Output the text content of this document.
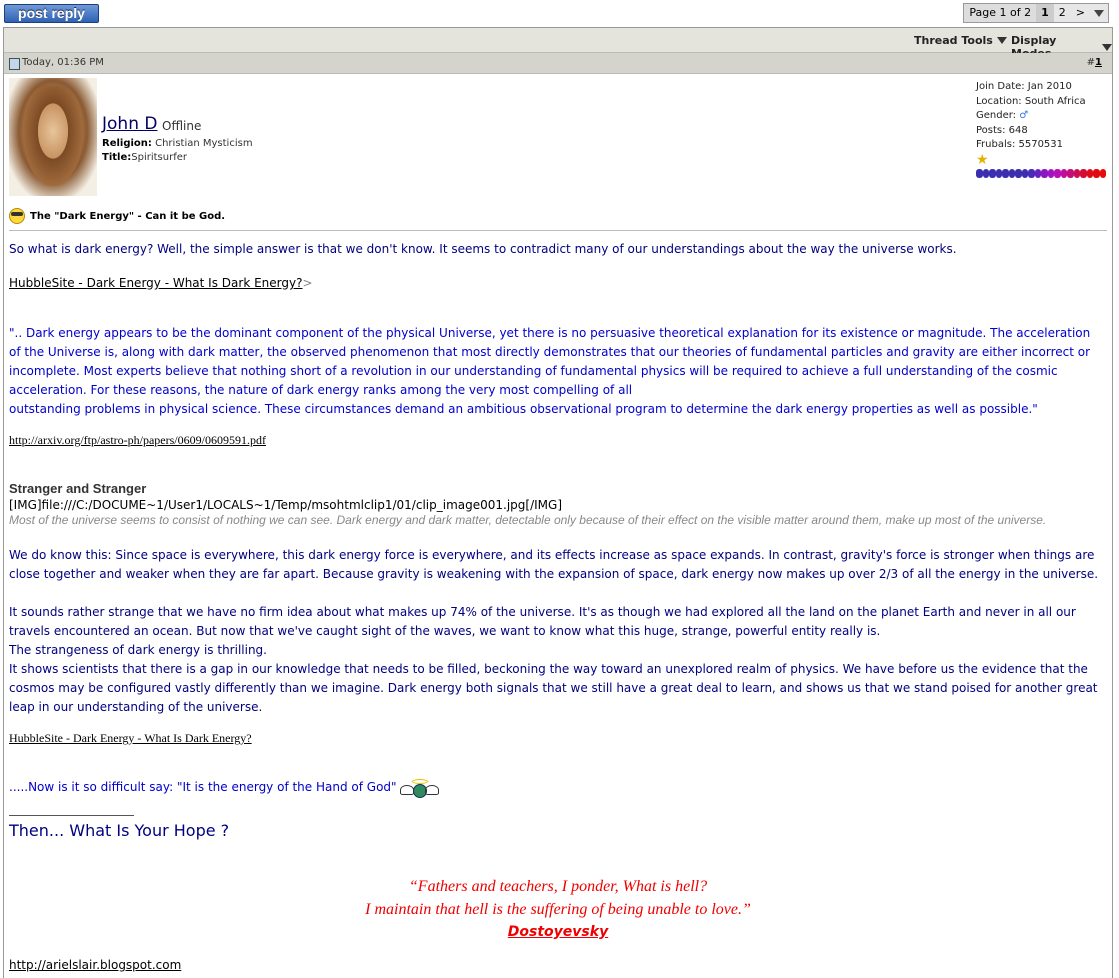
post reply	Page 1 of 2 1 2 >
Thread Tools Display
Today, 01:36 PM	#1
John D Offline
Religion: Christian Mysticism
Title:Spiritsurfer
Join Date: Jan 2010
Location: South Africa
Gender: ♂
Posts: 648
Frubals: 5570531
★
The "Dark Energy" - Can it be God.
So what is dark energy? Well, the simple answer is that we don't know. It seems to contradict many of our understandings about the way the universe works.
HubbleSite - Dark Energy - What Is Dark Energy?>
".. Dark energy appears to be the dominant component of the physical Universe, yet there is no persuasive theoretical explanation for its existence or magnitude. The acceleration of the Universe is, along with dark matter, the observed phenomenon that most directly demonstrates that our theories of fundamental particles and gravity are either incorrect or incomplete. Most experts believe that nothing short of a revolution in our understanding of fundamental physics will be required to achieve a full understanding of the cosmic acceleration. For these reasons, the nature of dark energy ranks among the very most compelling of all
outstanding problems in physical science. These circumstances demand an ambitious observational program to determine the dark energy properties as well as possible."
http://arxiv.org/ftp/astro-ph/papers/0609/0609591.pdf
Stranger and Stranger
[IMG]file:///C:/DOCUME~1/User1/LOCALS~1/Temp/msohtmlclip1/01/clip_image001.jpg[/IMG]
Most of the universe seems to consist of nothing we can see. Dark energy and dark matter, detectable only because of their effect on the visible matter around them, make up most of the universe.
We do know this: Since space is everywhere, this dark energy force is everywhere, and its effects increase as space expands. In contrast, gravity's force is stronger when things are close together and weaker when they are far apart. Because gravity is weakening with the expansion of space, dark energy now makes up over 2/3 of all the energy in the universe.
It sounds rather strange that we have no firm idea about what makes up 74% of the universe. It's as though we had explored all the land on the planet Earth and never in all our travels encountered an ocean. But now that we've caught sight of the waves, we want to know what this huge, strange, powerful entity really is.
The strangeness of dark energy is thrilling.
It shows scientists that there is a gap in our knowledge that needs to be filled, beckoning the way toward an unexplored realm of physics. We have before us the evidence that the cosmos may be configured vastly differently than we imagine. Dark energy both signals that we still have a great deal to learn, and shows us that we stand poised for another great leap in our understanding of the universe.
HubbleSite - Dark Energy - What Is Dark Energy?
.....Now is it so difficult say: "It is the energy of the Hand of God"
Then... What Is Your Hope ?
“Fathers and teachers, I ponder, What is hell?
I maintain that hell is the suffering of being unable to love.”
Dostoyevsky
http://arielslair.blogspot.com
